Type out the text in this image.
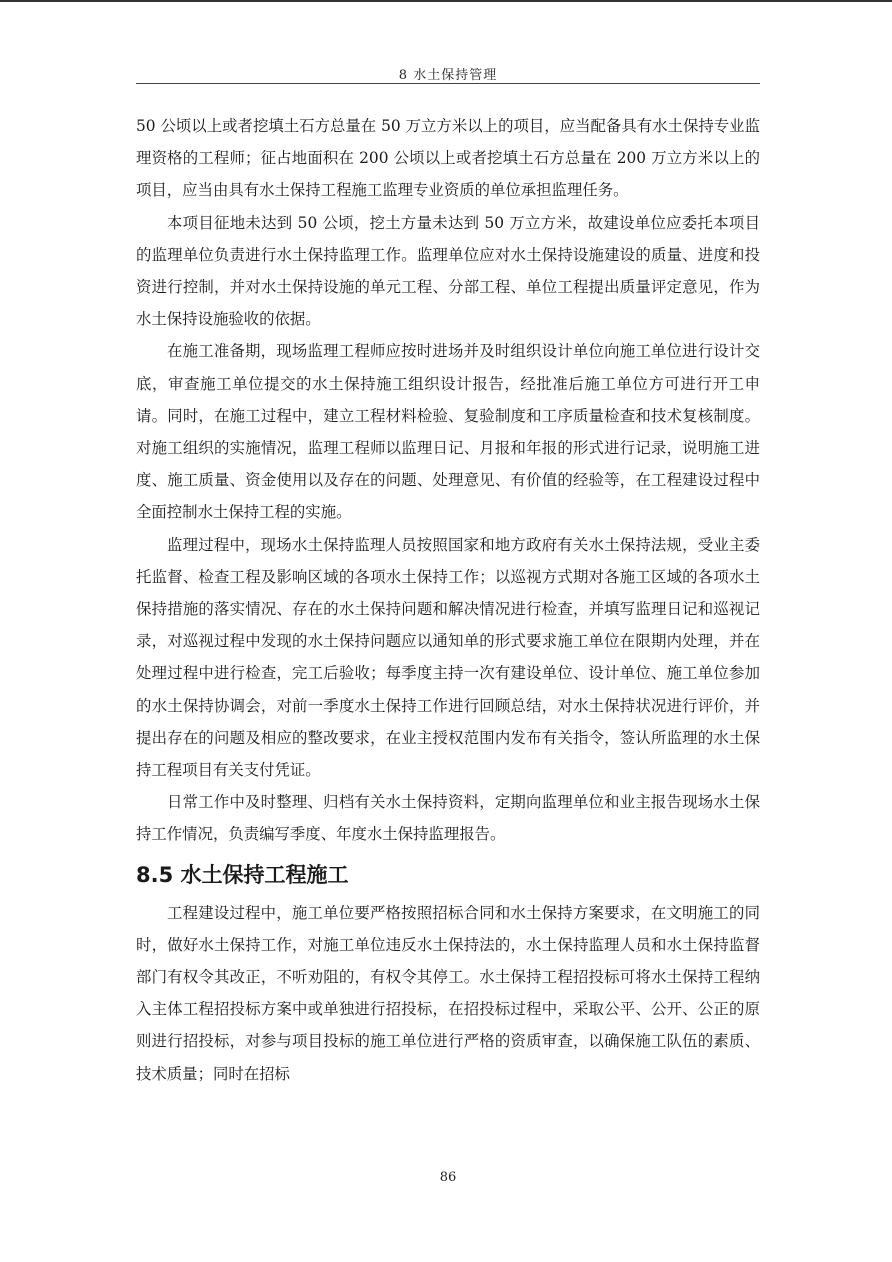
8 水土保持管理

50 公顷以上或者挖填土石方总量在 50 万立方米以上的项目，应当配备具有水土保持专业监理资格的工程师；征占地面积在 200 公顷以上或者挖填土石方总量在 200 万立方米以上的项目，应当由具有水土保持工程施工监理专业资质的单位承担监理任务。

本项目征地未达到 50 公顷，挖土方量未达到 50 万立方米，故建设单位应委托本项目的监理单位负责进行水土保持监理工作。监理单位应对水土保持设施建设的质量、进度和投资进行控制，并对水土保持设施的单元工程、分部工程、单位工程提出质量评定意见，作为水土保持设施验收的依据。

在施工准备期，现场监理工程师应按时进场并及时组织设计单位向施工单位进行设计交底，审查施工单位提交的水土保持施工组织设计报告，经批准后施工单位方可进行开工申请。同时，在施工过程中，建立工程材料检验、复验制度和工序质量检查和技术复核制度。对施工组织的实施情况，监理工程师以监理日记、月报和年报的形式进行记录，说明施工进度、施工质量、资金使用以及存在的问题、处理意见、有价值的经验等，在工程建设过程中全面控制水土保持工程的实施。

监理过程中，现场水土保持监理人员按照国家和地方政府有关水土保持法规，受业主委托监督、检查工程及影响区域的各项水土保持工作；以巡视方式期对各施工区域的各项水土保持措施的落实情况、存在的水土保持问题和解决情况进行检查，并填写监理日记和巡视记录，对巡视过程中发现的水土保持问题应以通知单的形式要求施工单位在限期内处理，并在处理过程中进行检查，完工后验收；每季度主持一次有建设单位、设计单位、施工单位参加的水土保持协调会，对前一季度水土保持工作进行回顾总结，对水土保持状况进行评价，并提出存在的问题及相应的整改要求，在业主授权范围内发布有关指令，签认所监理的水土保持工程项目有关支付凭证。

日常工作中及时整理、归档有关水土保持资料，定期向监理单位和业主报告现场水土保持工作情况，负责编写季度、年度水土保持监理报告。

8.5 水土保持工程施工

工程建设过程中，施工单位要严格按照招标合同和水土保持方案要求，在文明施工的同时，做好水土保持工作，对施工单位违反水土保持法的，水土保持监理人员和水土保持监督部门有权令其改正，不听劝阻的，有权令其停工。水土保持工程招投标可将水土保持工程纳入主体工程招投标方案中或单独进行招投标，在招投标过程中，采取公平、公开、公正的原则进行招投标，对参与项目投标的施工单位进行严格的资质审查，以确保施工队伍的素质、技术质量；同时在招标

86
